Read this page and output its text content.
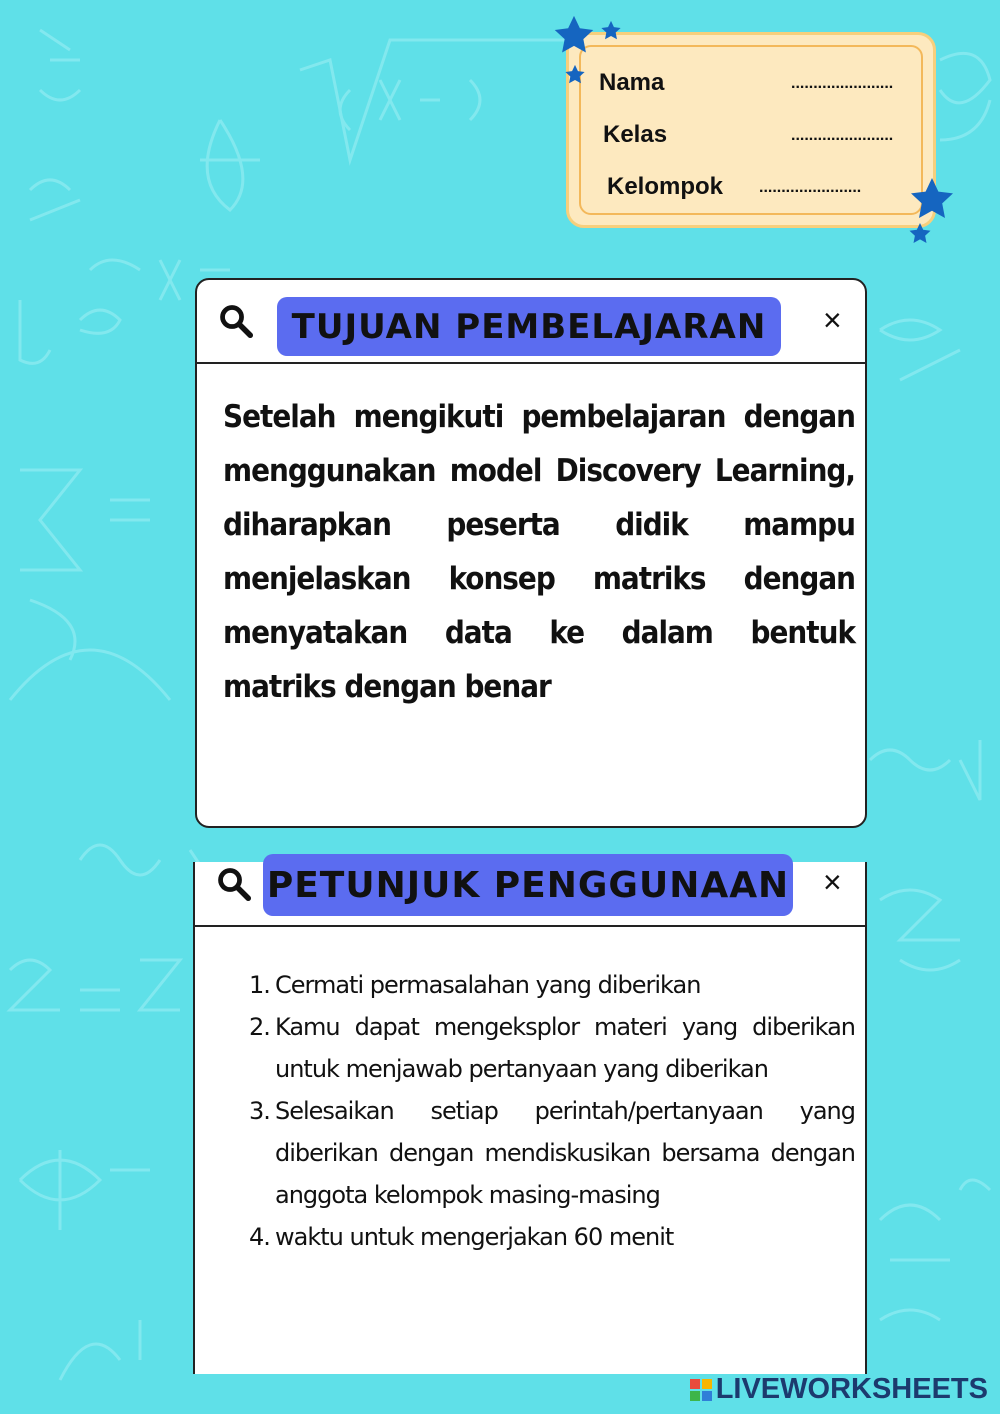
Nama	.......................
Kelas	.......................
Kelompok .......................
TUJUAN PEMBELAJARAN	×

Setelah mengikuti pembelajaran dengan menggunakan model Discovery Learning, diharapkan peserta didik mampu menjelaskan konsep matriks dengan menyatakan data ke dalam bentuk matriks dengan benar

PETUNJUK PENGGUNAAN ×
1. Cermati permasalahan yang diberikan
2. Kamu dapat mengeksplor materi yang diberikan untuk menjawab pertanyaan yang diberikan
3. Selesaikan setiap perintah/pertanyaan yang diberikan dengan mendiskusikan bersama dengan anggota kelompok masing-masing
4. waktu untuk mengerjakan 60 menit
LIVEWORKSHEETS
